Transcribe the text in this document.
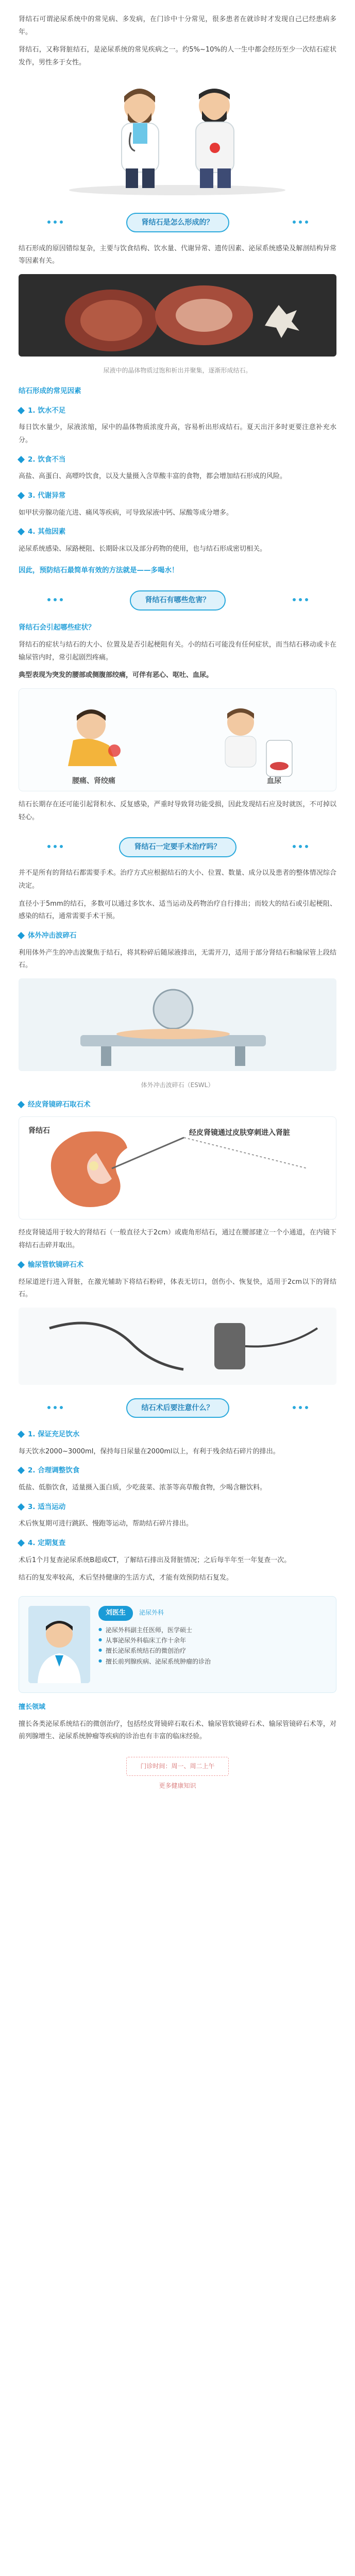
肾结石可谓泌尿系统中的常见病、多发病，在门诊中十分常见，很多患者在就诊时才发现自己已经患病多年。

肾结石，又称肾脏结石，是泌尿系统的常见疾病之一。约5%~10%的人一生中都会经历至少一次结石症状发作，男性多于女性。

肾结石是怎么形成的？

结石形成的原因错综复杂，主要与饮食结构、饮水量、代谢异常、遗传因素、泌尿系统感染及解剖结构异常等因素有关。

尿液中的晶体物质过饱和析出并聚集，逐渐形成结石。

结石形成的常见因素
1. 饮水不足

每日饮水量少，尿液浓缩，尿中的晶体物质浓度升高，容易析出形成结石。夏天出汗多时更要注意补充水分。

2. 饮食不当

高盐、高蛋白、高嘌呤饮食，以及大量摄入含草酸丰富的食物，都会增加结石形成的风险。

3. 代谢异常

如甲状旁腺功能亢进、痛风等疾病，可导致尿液中钙、尿酸等成分增多。

4. 其他因素

泌尿系统感染、尿路梗阻、长期卧床以及部分药物的使用，也与结石形成密切相关。

因此，预防结石最简单有效的方法就是——多喝水！

肾结石有哪些危害？
肾结石会引起哪些症状？

肾结石的症状与结石的大小、位置及是否引起梗阻有关。小的结石可能没有任何症状，而当结石移动或卡在输尿管内时，常引起剧烈疼痛。

典型表现为突发的腰部或侧腹部绞痛，可伴有恶心、呕吐、血尿。

腰痛、肾绞痛	血尿

结石长期存在还可能引起肾积水、反复感染，严重时导致肾功能受损，因此发现结石应及时就医，不可掉以轻心。

肾结石一定要手术治疗吗？

并不是所有的肾结石都需要手术。治疗方式应根据结石的大小、位置、数量、成分以及患者的整体情况综合决定。

直径小于5mm的结石，多数可以通过多饮水、适当运动及药物治疗自行排出；而较大的结石或引起梗阻、感染的结石，通常需要手术干预。

体外冲击波碎石

利用体外产生的冲击波聚焦于结石，将其粉碎后随尿液排出，无需开刀，适用于部分肾结石和输尿管上段结石。

体外冲击波碎石（ESWL）

经皮肾镜碎石取石术
肾结石	经皮肾镜通过皮肤穿刺进入肾脏

经皮肾镜适用于较大的肾结石（一般直径大于2cm）或鹿角形结石，通过在腰部建立一个小通道，在内镜下将结石击碎并取出。

输尿管软镜碎石术

经尿道逆行进入肾脏，在激光辅助下将结石粉碎，体表无切口，创伤小、恢复快，适用于2cm以下的肾结石。

结石术后要注意什么？
1. 保证充足饮水

每天饮水2000~3000ml，保持每日尿量在2000ml以上，有利于残余结石碎片的排出。

2. 合理调整饮食

低盐、低脂饮食，适量摄入蛋白质，少吃菠菜、浓茶等高草酸食物，少喝含糖饮料。

3. 适当运动

术后恢复期可进行跳跃、慢跑等运动，帮助结石碎片排出。

4. 定期复查

术后1个月复查泌尿系统B超或CT，了解结石排出及肾脏情况；之后每半年至一年复查一次。

结石的复发率较高，术后坚持健康的生活方式，才能有效预防结石复发。

刘医生 泌尿外科
● 泌尿外科副主任医师，医学硕士
● 从事泌尿外科临床工作十余年
● 擅长泌尿系统结石的微创治疗
● 擅长前列腺疾病、泌尿系统肿瘤的诊治
擅长领域

擅长各类泌尿系统结石的微创治疗，包括经皮肾镜碎石取石术、输尿管软镜碎石术、输尿管镜碎石术等，对前列腺增生、泌尿系统肿瘤等疾病的诊治也有丰富的临床经验。

门诊时间：周一、周二上午
更多健康知识
